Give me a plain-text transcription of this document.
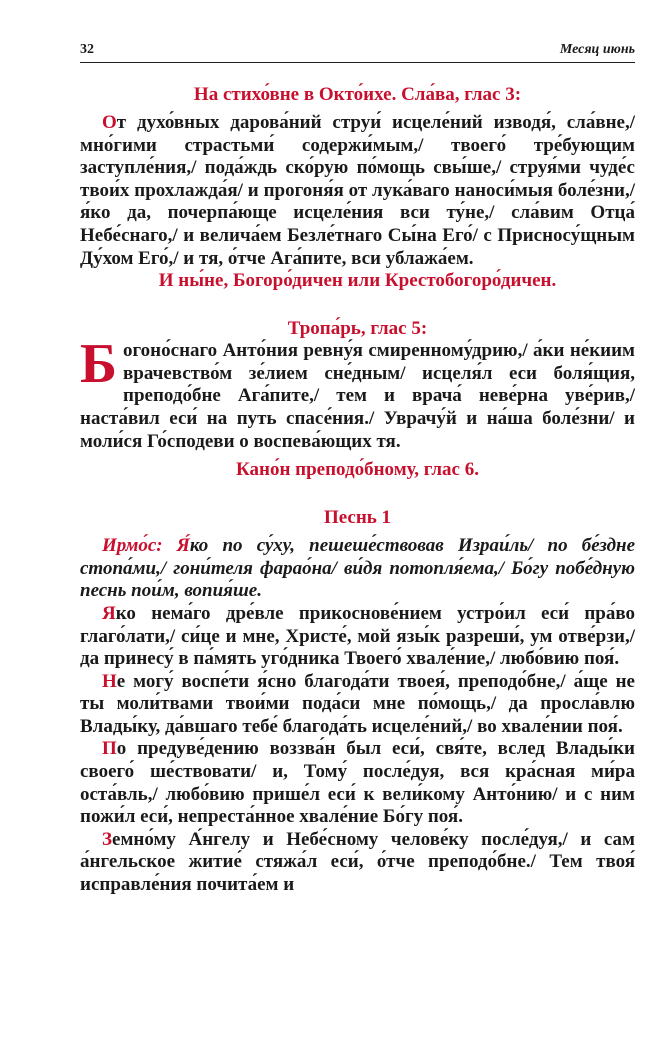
32	Месяц июнь
На стихо́вне в Окто́ихе. Сла́ва, глас 3:

От духо́вных дарова́ний струи́ исцеле́ний изводя́, сла́вне,/ мно́гими страстьми́ содержи́мым,/ твоего́ тре́бующим заступле́ния,/ пода́ждь ско́рую по́мощь свы́ше,/ струя́ми чуде́с твои́х прохлажда́я/ и прогоня́я от лука́ваго наноси́мыя боле́зни,/ я́ко да, почерпа́юще исцеле́ния вси ту́не,/ сла́вим Отца́ Небе́снаго,/ и велича́ем Безле́тнаго Сы́на Его́/ с Присносу́щным Ду́хом Его́,/ и тя, о́тче Ага́пите, вси ублажа́ем.

И ны́не, Богоро́дичен или Крестобогоро́дичен.
Тропа́рь, глас 5:

Богоно́снаго Анто́ния ревну́я смиренному́дрию,/ а́ки не́киим врачевство́м зе́лием сне́дным/ исцеля́л еси боля́щия, преподо́бне Ага́пите,/ тем и врача́ неве́рна уве́рив,/ наста́вил еси́ на путь спасе́ния./ Уврачу́й и на́ша боле́зни/ и моли́ся Го́сподеви о воспева́ющих тя.

Кано́н преподо́бному, глас 6.
Песнь 1

Ирмо́с: Я́ко по су́ху, пешеше́ствовав Израи́ль/ по бе́здне стопа́ми,/ гони́теля фарао́на/ ви́дя потопля́ема,/ Бо́гу побе́дную песнь пои́м, вопия́ше.

Яко нема́го дре́вле прикоснове́нием устро́ил еси́ пра́во глаго́лати,/ си́це и мне, Христе́, мой язы́к разреши́, ум отве́рзи,/ да принесу́ в па́мять уго́дника Твоего́ хвале́ние,/ любо́вию поя́.

Не могу́ воспе́ти я́сно благода́ти твоея́, преподо́бне,/ а́ще не ты моли́твами твои́ми пода́си мне по́мощь,/ да просла́влю Влады́ку, да́вшаго тебе́ благода́ть исцеле́ний,/ во хвале́нии поя́.

По предуве́дению воззва́н был еси́, свя́те, вслед Влады́ки своего́ ше́ствовати/ и, Тому́ после́дуя, вся кра́сная ми́ра оста́вль,/ любо́вию прише́л еси́ к вели́кому Анто́нию/ и с ним пожи́л еси́, непреста́нное хвале́ние Бо́гу поя́.

Земно́му А́нгелу и Небе́сному челове́ку после́дуя,/ и сам а́нгельское житие́ стяжа́л еси́, о́тче преподо́бне./ Тем твоя́ исправле́ния почита́ем и
